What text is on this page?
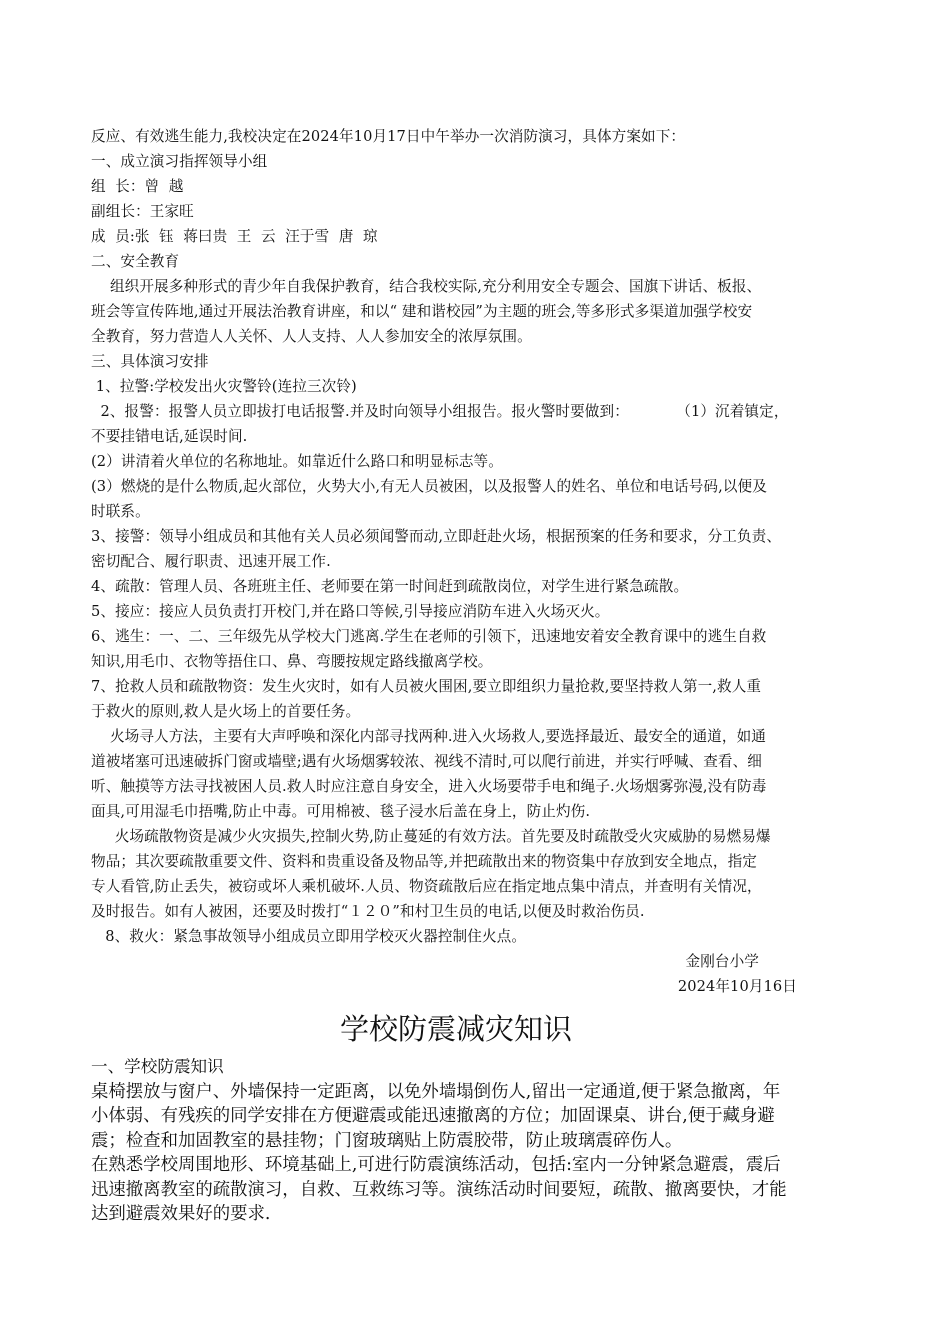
反应、有效逃生能力,我校决定在2024年10月17日中午举办一次消防演习，具体方案如下：
一、成立演习指挥领导小组
组  长：曾  越
副组长：王家旺
成  员:张  钰  蒋曰贵  王  云  汪于雪  唐  琼
二、安全教育
组织开展多种形式的青少年自我保护教育，结合我校实际,充分利用安全专题会、国旗下讲话、板报、
班会等宣传阵地,通过开展法治教育讲座，和以“ 建和谐校园”为主题的班会,等多形式多渠道加强学校安
全教育，努力营造人人关怀、人人支持、人人参加安全的浓厚氛围。
三、具体演习安排
1、拉警:学校发出火灾警铃(连拉三次铃)
2、报警：报警人员立即拔打电话报警.并及时向领导小组报告。报火警时要做到：          （1）沉着镇定，
不要挂错电话,延误时间.
(2）讲清着火单位的名称地址。如靠近什么路口和明显标志等。
(3）燃烧的是什么物质,起火部位，火势大小,有无人员被困，以及报警人的姓名、单位和电话号码,以便及
时联系。
3、接警：领导小组成员和其他有关人员必须闻警而动,立即赶赴火场，根据预案的任务和要求，分工负责、
密切配合、履行职责、迅速开展工作.
4、疏散：管理人员、各班班主任、老师要在第一时间赶到疏散岗位，对学生进行紧急疏散。
5、接应：接应人员负责打开校门,并在路口等候,引导接应消防车进入火场灭火。
6、逃生：一、二、三年级先从学校大门逃离.学生在老师的引领下，迅速地安着安全教育课中的逃生自救
知识,用毛巾、衣物等捂住口、鼻、弯腰按规定路线撤离学校。
7、抢救人员和疏散物资：发生火灾时，如有人员被火围困,要立即组织力量抢救,要坚持救人第一,救人重
于救火的原则,救人是火场上的首要任务。
火场寻人方法，主要有大声呼唤和深化内部寻找两种.进入火场救人,要选择最近、最安全的通道，如通
道被堵塞可迅速破拆门窗或墙壁;遇有火场烟雾较浓、视线不清时,可以爬行前进，并实行呼喊、查看、细
听、触摸等方法寻找被困人员.救人时应注意自身安全，进入火场要带手电和绳子.火场烟雾弥漫,没有防毒
面具,可用湿毛巾捂嘴,防止中毒。可用棉被、毯子浸水后盖在身上，防止灼伤.
火场疏散物资是减少火灾损失,控制火势,防止蔓延的有效方法。首先要及时疏散受火灾威胁的易燃易爆
物品；其次要疏散重要文件、资料和贵重设备及物品等,并把疏散出来的物资集中存放到安全地点，指定
专人看管,防止丢失，被窃或坏人乘机破坏.人员、物资疏散后应在指定地点集中清点，并查明有关情况，
及时报告。如有人被困，还要及时拨打“１２０”和村卫生员的电话,以便及时救治伤员.
8、救火：紧急事故领导小组成员立即用学校灭火器控制住火点。
金刚台小学
2024年10月16日
学校防震减灾知识
一、学校防震知识
桌椅摆放与窗户、外墙保持一定距离，以免外墙塌倒伤人,留出一定通道,便于紧急撤离，年
小体弱、有残疾的同学安排在方便避震或能迅速撤离的方位；加固课桌、讲台,便于藏身避
震；检查和加固教室的悬挂物；门窗玻璃贴上防震胶带，防止玻璃震碎伤人。
在熟悉学校周围地形、环境基础上,可进行防震演练活动，包括:室内一分钟紧急避震，震后
迅速撤离教室的疏散演习，自救、互救练习等。演练活动时间要短，疏散、撤离要快，才能
达到避震效果好的要求.
